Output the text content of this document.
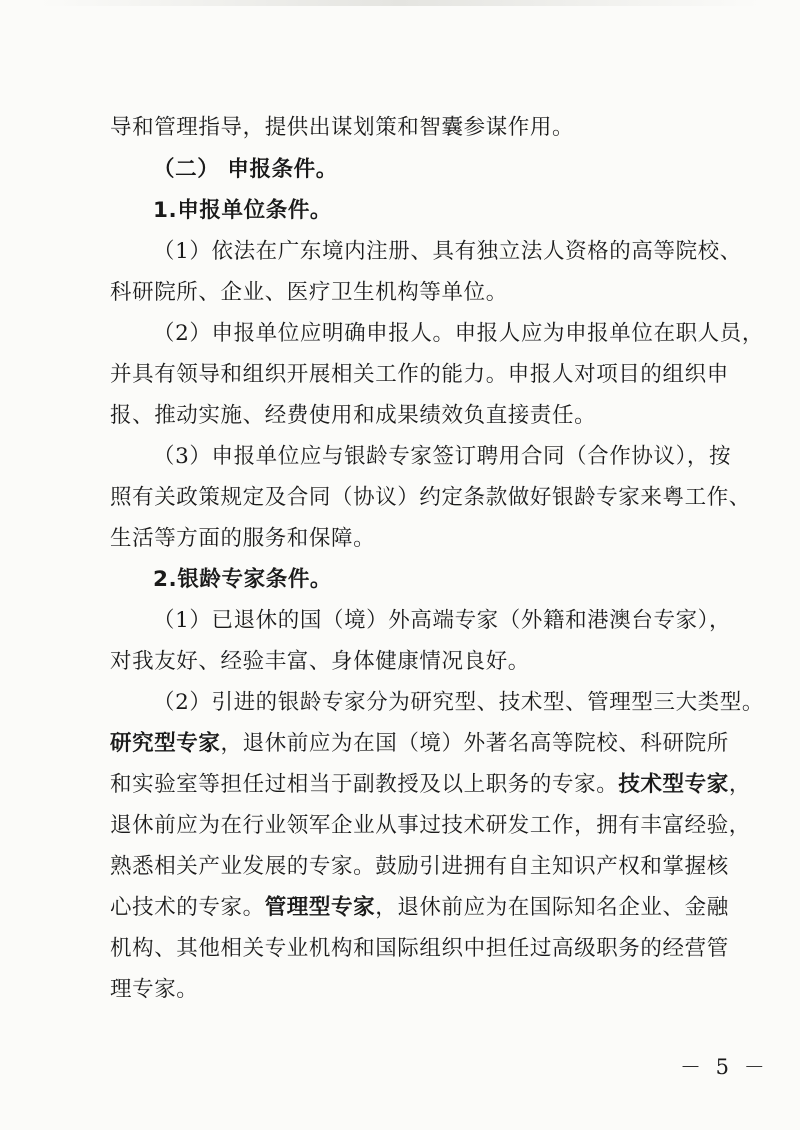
导和管理指导，提供出谋划策和智囊参谋作用。
（二） 申报条件。
1.申报单位条件。
（1）依法在广东境内注册、具有独立法人资格的高等院校、
科研院所、企业、医疗卫生机构等单位。
（2）申报单位应明确申报人。申报人应为申报单位在职人员，
并具有领导和组织开展相关工作的能力。申报人对项目的组织申
报、推动实施、经费使用和成果绩效负直接责任。
（3）申报单位应与银龄专家签订聘用合同（合作协议），按
照有关政策规定及合同（协议）约定条款做好银龄专家来粤工作、
生活等方面的服务和保障。
2.银龄专家条件。
（1）已退休的国（境）外高端专家（外籍和港澳台专家），
对我友好、经验丰富、身体健康情况良好。
（2）引进的银龄专家分为研究型、技术型、管理型三大类型。
研究型专家，退休前应为在国（境）外著名高等院校、科研院所
和实验室等担任过相当于副教授及以上职务的专家。技术型专家，
退休前应为在行业领军企业从事过技术研发工作，拥有丰富经验，
熟悉相关产业发展的专家。鼓励引进拥有自主知识产权和掌握核
心技术的专家。管理型专家，退休前应为在国际知名企业、金融
机构、其他相关专业机构和国际组织中担任过高级职务的经营管
理专家。
－ 5 －
